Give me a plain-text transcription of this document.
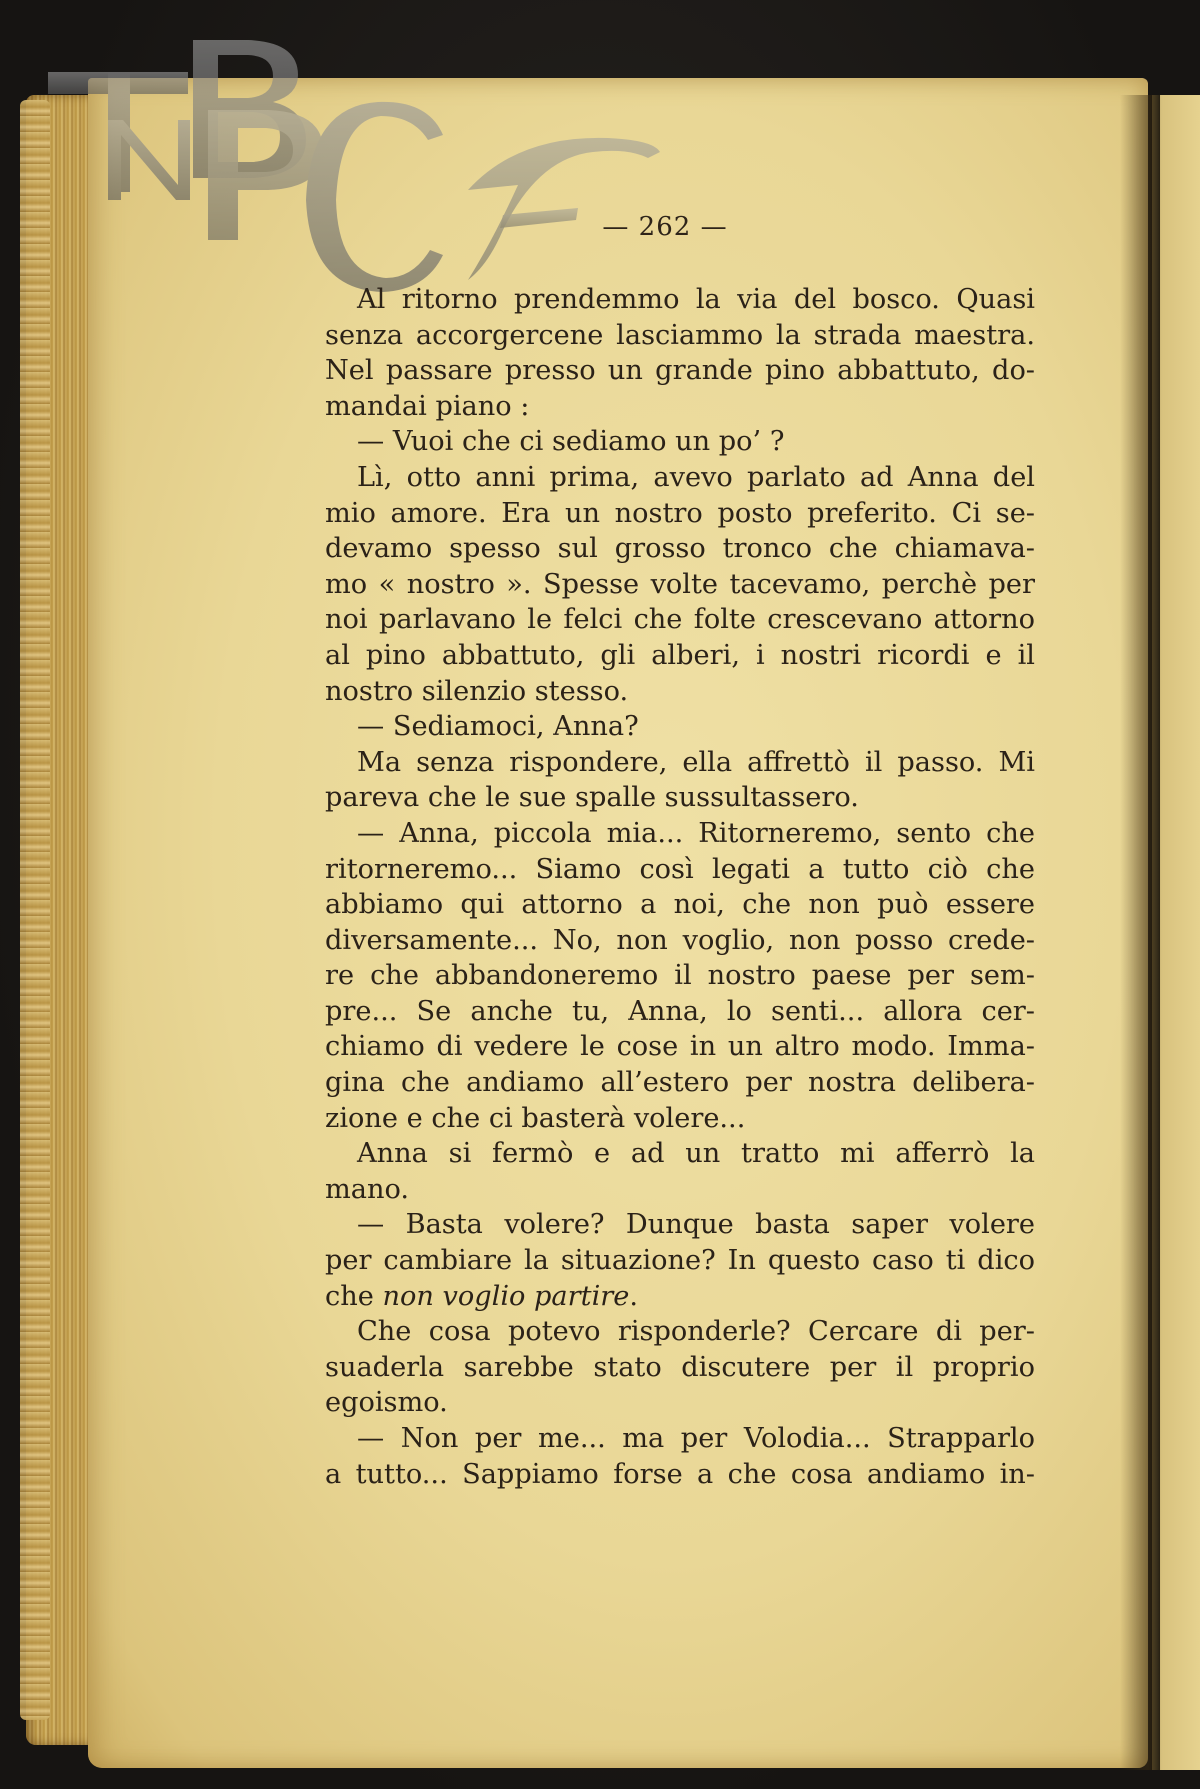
— 262 —
Al ritorno prendemmo la via del bosco. Quasi
senza accorgercene lasciammo la strada maestra.
Nel passare presso un grande pino abbattuto, do-
mandai piano :
— Vuoi che ci sediamo un po’ ?
Lì, otto anni prima, avevo parlato ad Anna del
mio amore. Era un nostro posto preferito. Ci se-
devamo spesso sul grosso tronco che chiamava-
mo « nostro ». Spesse volte tacevamo, perchè per
noi parlavano le felci che folte crescevano attorno
al pino abbattuto, gli alberi, i nostri ricordi e il
nostro silenzio stesso.
— Sediamoci, Anna?
Ma senza rispondere, ella affrettò il passo. Mi
pareva che le sue spalle sussultassero.
— Anna, piccola mia... Ritorneremo, sento che
ritorneremo... Siamo così legati a tutto ciò che
abbiamo qui attorno a noi, che non può essere
diversamente... No, non voglio, non posso crede-
re che abbandoneremo il nostro paese per sem-
pre... Se anche tu, Anna, lo senti... allora cer-
chiamo di vedere le cose in un altro modo. Imma-
gina che andiamo all’estero per nostra delibera-
zione e che ci basterà volere...
Anna si fermò e ad un tratto mi afferrò la
mano.
— Basta volere? Dunque basta saper volere
per cambiare la situazione? In questo caso ti dico
che non voglio partire.
Che cosa potevo risponderle? Cercare di per-
suaderla sarebbe stato discutere per il proprio
egoismo.
— Non per me... ma per Volodia... Strapparlo
a tutto... Sappiamo forse a che cosa andiamo in-
